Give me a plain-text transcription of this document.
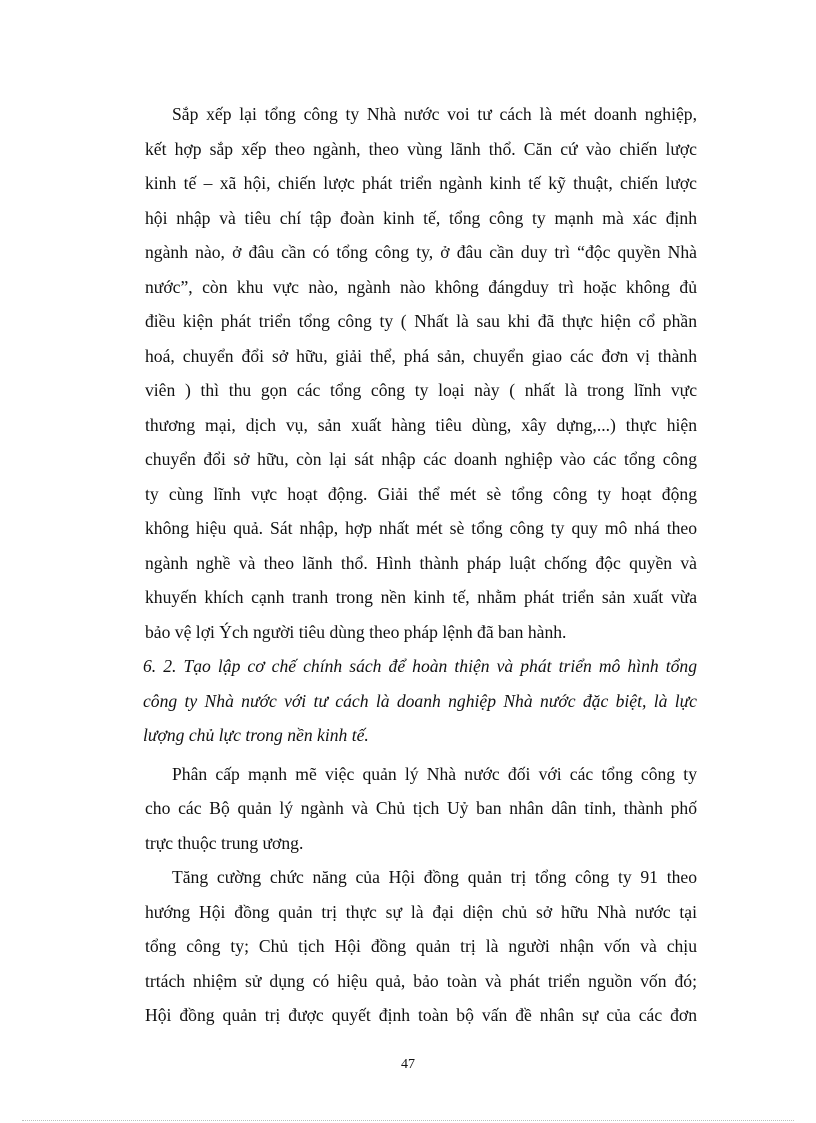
Sắp xếp lại tổng công ty Nhà nước voi tư cách là mét doanh nghiệp,
kết hợp sắp xếp theo ngành, theo vùng lãnh thổ. Căn cứ vào chiến lược
kinh tế – xã hội, chiến lược phát triển ngành kinh tế kỹ thuật, chiến lược
hội nhập và tiêu chí tập đoàn kinh tế, tổng công ty mạnh mà xác định
ngành nào, ở đâu cần có tổng công ty, ở đâu cần duy trì “độc quyền Nhà
nước”, còn khu vực nào, ngành nào không đángduy trì hoặc không đủ
điều kiện phát triển tổng công ty ( Nhất là sau khi đã thực hiện cổ phần
hoá, chuyển đổi sở hữu, giải thể, phá sản, chuyển giao các đơn vị thành
viên ) thì thu gọn các tổng công ty loại này ( nhất là trong lĩnh vực
thương mại, dịch vụ, sản xuất hàng tiêu dùng, xây dựng,...) thực hiện
chuyển đổi sở hữu, còn lại sát nhập các doanh nghiệp vào các tổng công
ty cùng lĩnh vực hoạt động. Giải thể mét sè tổng công ty hoạt động
không hiệu quả. Sát nhập, hợp nhất mét sè tổng công ty quy mô nhá theo
ngành nghề và theo lãnh thổ. Hình thành pháp luật chống độc quyền và
khuyến khích cạnh tranh trong nền kinh tế, nhằm phát triển sản xuất vừa
bảo vệ lợi Ých người tiêu dùng theo pháp lệnh đã ban hành.
6. 2. Tạo lập cơ chế chính sách để hoàn thiện và phát triển mô hình tổng
công ty Nhà nước với tư cách là doanh nghiệp Nhà nước đặc biệt, là lực
lượng chủ lực trong nền kinh tế.
Phân cấp mạnh mẽ việc quản lý Nhà nước đối với các tổng công ty
cho các Bộ quản lý ngành và Chủ tịch Uỷ ban nhân dân tỉnh, thành phố
trực thuộc trung ương.
Tăng cường chức năng của Hội đồng quản trị tổng công ty 91 theo
hướng Hội đồng quản trị thực sự là đại diện chủ sở hữu Nhà nước tại
tổng công ty; Chủ tịch Hội đồng quản trị là người nhận vốn và chịu
trtách nhiệm sử dụng có hiệu quả, bảo toàn và phát triển nguồn vốn đó;
Hội đồng quản trị được quyết định toàn bộ vấn đề nhân sự của các đơn
47
